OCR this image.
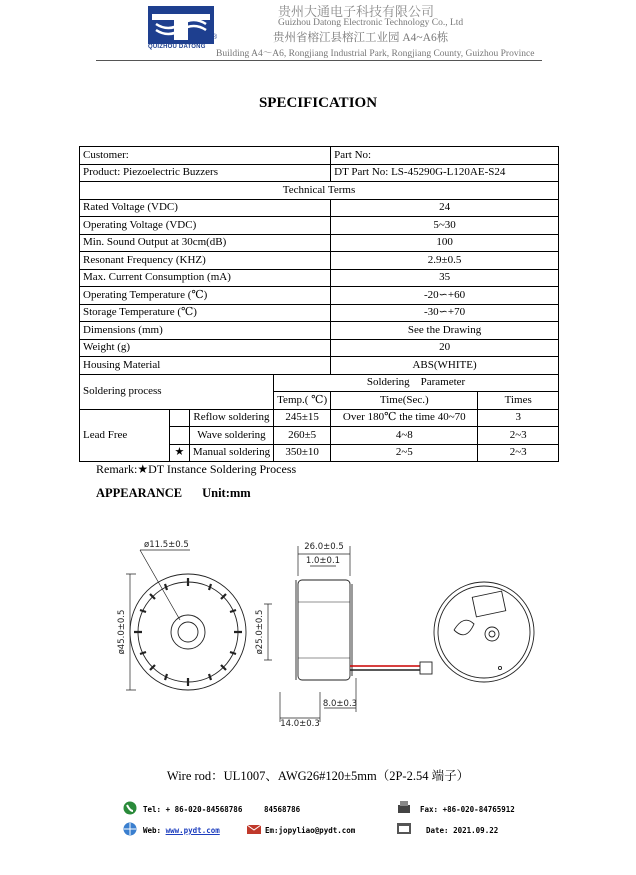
QUIZHOU DATONG
®
贵州大通电子科技有限公司
Guizhou Datong Electronic Technology Co., Ltd
贵州省榕江县榕江工业园 A4~A6栋
Building A4～A6, Rongjiang Industrial Park, Rongjiang County, Guizhou Province
SPECIFICATION
Customer:				Part No:	
Product: Piezoelectric Buzzers				DT Part No: LS-45290G-L120AE-S24	
Technical Terms					
Rated Voltage (VDC)				24	
Operating Voltage (VDC)				5~30	
Min. Sound Output at 30cm(dB)				100	
Resonant Frequency (KHZ)				2.9±0.5	
Max. Current Consumption (mA)				35	
Operating Temperature (℃)				-20∽+60	
Storage Temperature (℃)				-30∽+70	
Dimensions (mm)				See the Drawing	
Weight (g)				20	
Housing Material				ABS(WHITE)	
Soldering process			Soldering　Parameter		
			Temp.( ℃)	Time(Sec.)	Times
Lead Free		Reflow soldering	245±15	Over 180℃ the time 40~70	3
		Wave soldering	260±5	4~8	2~3
	★	Manual soldering	350±10	2~5	2~3
Remark:★DT Instance Soldering Process
APPEARANCE Unit:mm
ø11.5±0.5
ø45.0±0.5
26.0±0.5
1.0±0.1
ø25.0±0.5
8.0±0.3
14.0±0.3
Wire rod：UL1007、AWG26#120±5mm（2P-2.54 端子）
Tel: + 86-020-84568786	84568786	Fax: +86-020-84765912
Web: www.pydt.com	Em:jopyliao@pydt.com	Date: 2021.09.22
